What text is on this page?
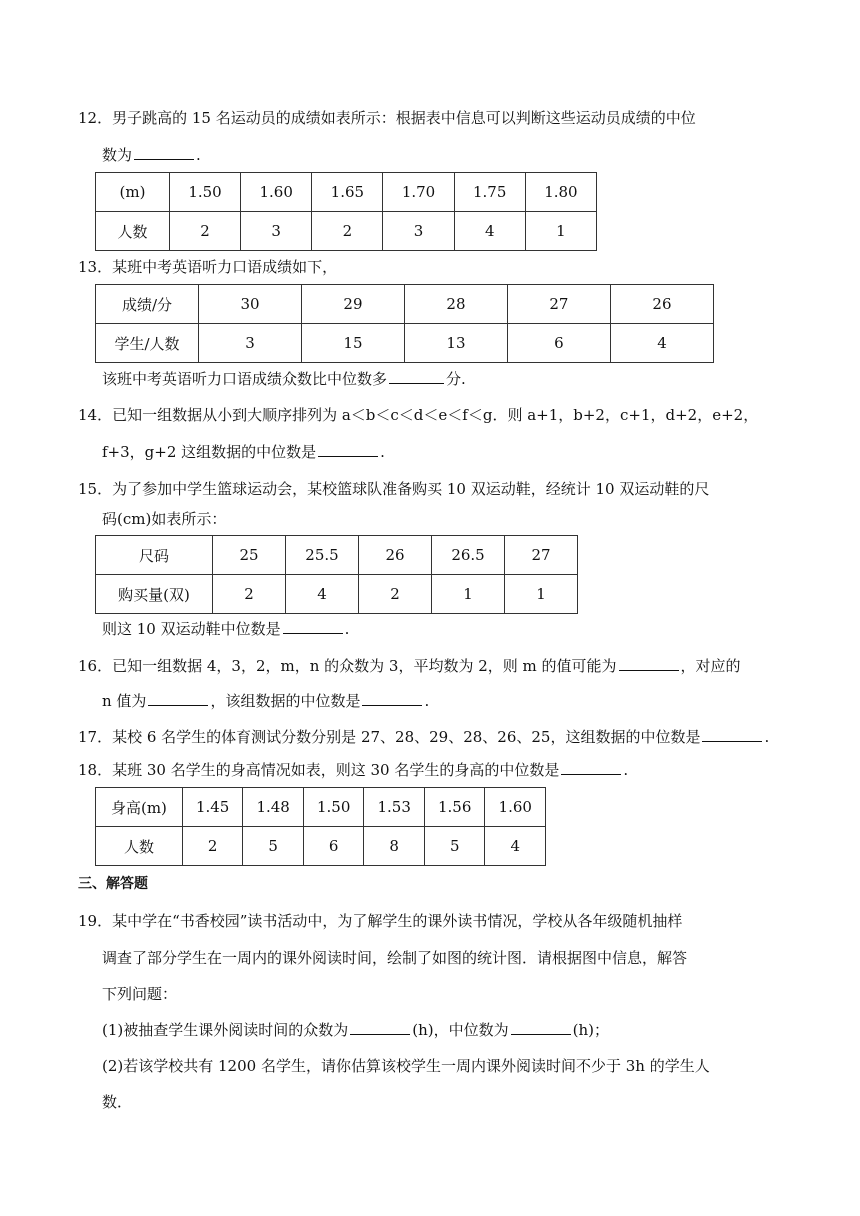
12．男子跳高的 15 名运动员的成绩如表所示：根据表中信息可以判断这些运动员成绩的中位
数为	.
(m)	1.50	1.60	1.65	1.70	1.75	1.80
人数	2	3	2	3	4	1
13．某班中考英语听力口语成绩如下，
成绩/分	30	29	28	27	26
学生/人数	3	15	13	6	4
该班中考英语听力口语成绩众数比中位数多	分.
14．已知一组数据从小到大顺序排列为 a＜b＜c＜d＜e＜f＜g．则 a+1，b+2，c+1，d+2，e+2，
f+3，g+2 这组数据的中位数是	.
15．为了参加中学生篮球运动会，某校篮球队准备购买 10 双运动鞋，经统计 10 双运动鞋的尺
码(cm)如表所示：
尺码	25	25.5	26	26.5	27
购买量(双)	2	4	2	1	1
则这 10 双运动鞋中位数是	.
16．已知一组数据 4，3，2，m，n 的众数为 3，平均数为 2，则 m 的值可能为	，对应的
n 值为	，该组数据的中位数是	.
17．某校 6 名学生的体育测试分数分别是 27、28、29、28、26、25，这组数据的中位数是	.
18．某班 30 名学生的身高情况如表，则这 30 名学生的身高的中位数是	.
身高(m)	1.45	1.48	1.50	1.53	1.56	1.60
人数	2	5	6	8	5	4
三、解答题
19．某中学在“书香校园”读书活动中，为了解学生的课外读书情况，学校从各年级随机抽样
调查了部分学生在一周内的课外阅读时间，绘制了如图的统计图．请根据图中信息，解答
下列问题：
(1)被抽查学生课外阅读时间的众数为	(h)，中位数为	(h)；
(2)若该学校共有 1200 名学生，请你估算该校学生一周内课外阅读时间不少于 3h 的学生人
数．
